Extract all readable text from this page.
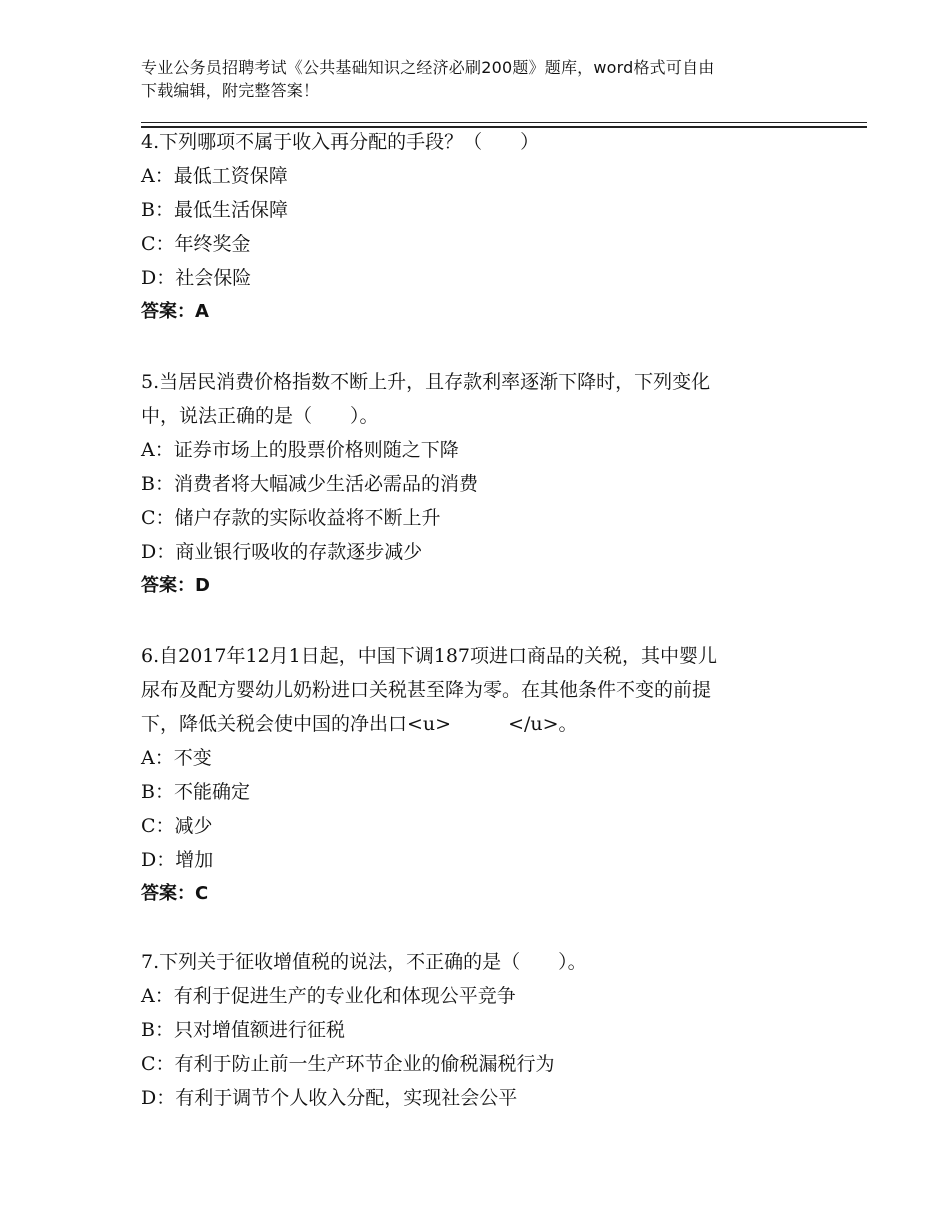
专业公务员招聘考试《公共基础知识之经济必刷200题》题库，word格式可自由
下载编辑，附完整答案！
4.下列哪项不属于收入再分配的手段？（　　）
A：最低工资保障
B：最低生活保障
C：年终奖金
D：社会保险
答案：A
5.当居民消费价格指数不断上升，且存款利率逐渐下降时，下列变化
中，说法正确的是（　　）。
A：证券市场上的股票价格则随之下降
B：消费者将大幅减少生活必需品的消费
C：储户存款的实际收益将不断上升
D：商业银行吸收的存款逐步减少
答案：D
6.自2017年12月1日起，中国下调187项进口商品的关税，其中婴儿
尿布及配方婴幼儿奶粉进口关税甚至降为零。在其他条件不变的前提
下，降低关税会使中国的净出口<u>　　　</u>。
A：不变
B：不能确定
C：减少
D：增加
答案：C
7.下列关于征收增值税的说法，不正确的是（　　）。
A：有利于促进生产的专业化和体现公平竞争
B：只对增值额进行征税
C：有利于防止前一生产环节企业的偷税漏税行为
D：有利于调节个人收入分配，实现社会公平
